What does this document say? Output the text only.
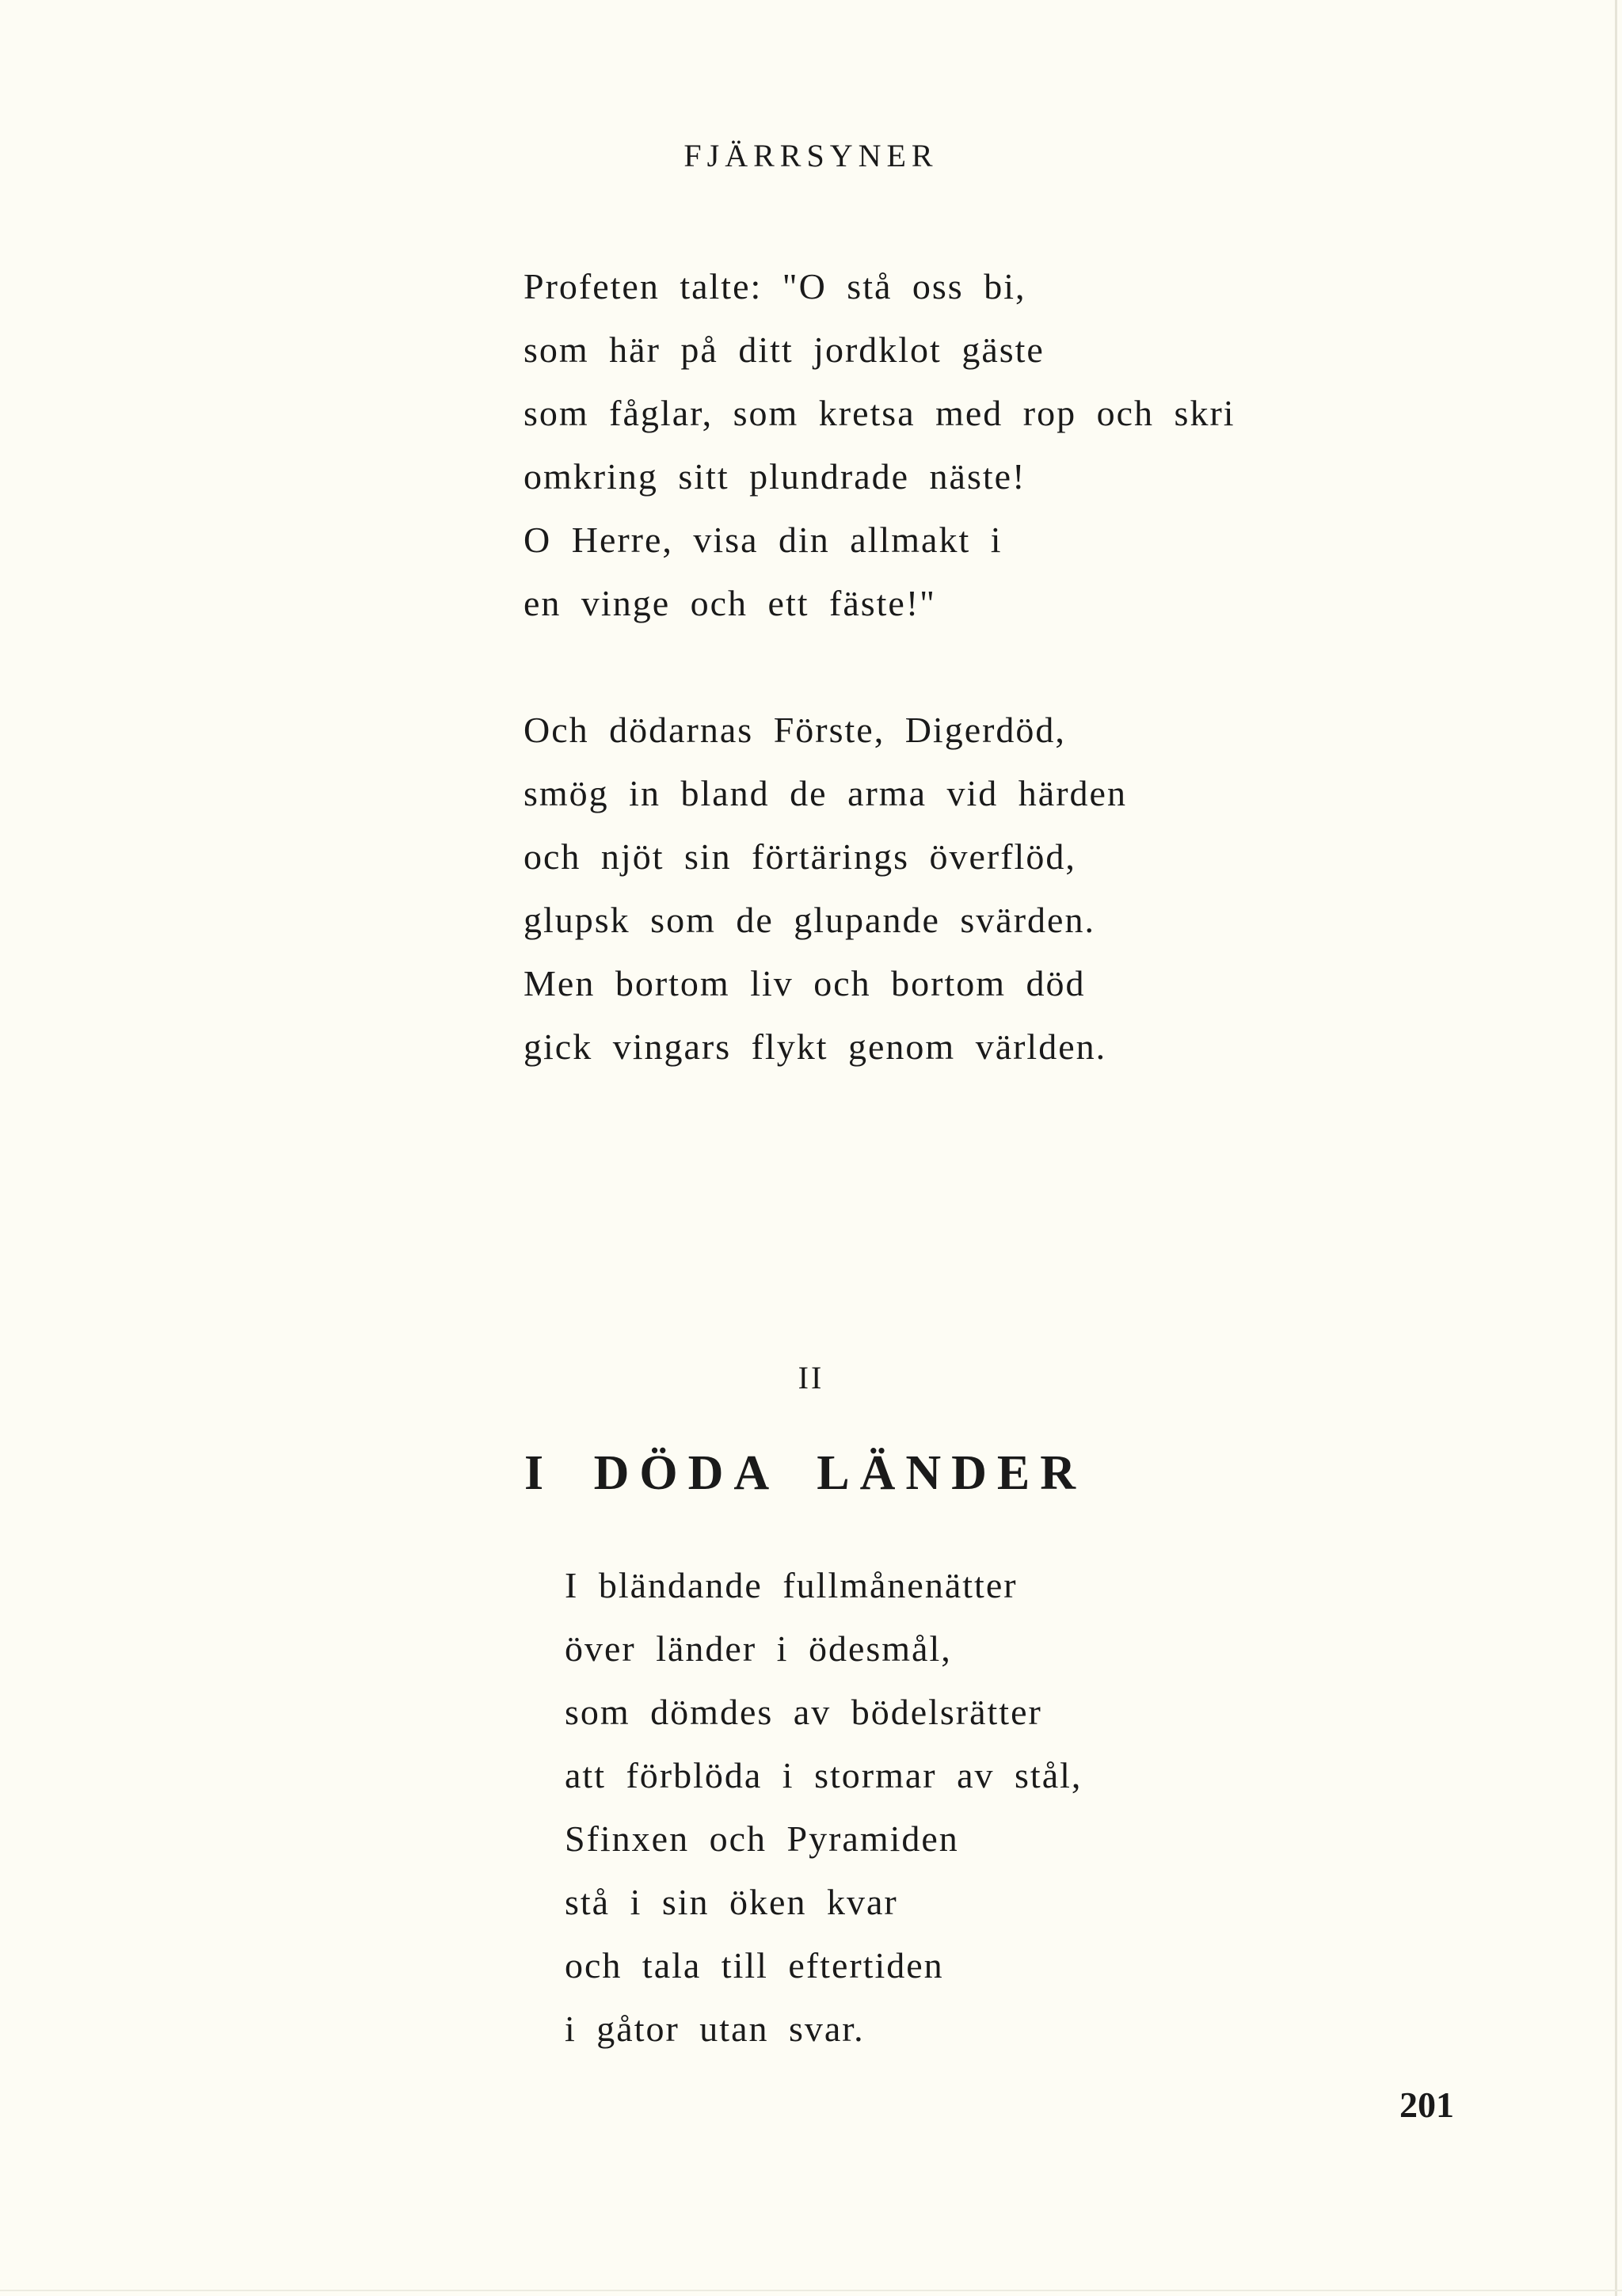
FJÄRRSYNER
Profeten talte: "O stå oss bi,
som här på ditt jordklot gäste
som fåglar, som kretsa med rop och skri
omkring sitt plundrade näste!
O Herre, visa din allmakt i
en vinge och ett fäste!"
Och dödarnas Förste, Digerdöd,
smög in bland de arma vid härden
och njöt sin förtärings överflöd,
glupsk som de glupande svärden.
Men bortom liv och bortom död
gick vingars flykt genom världen.
II
I DÖDA LÄNDER
I bländande fullmånenätter
över länder i ödesmål,
som dömdes av bödelsrätter
att förblöda i stormar av stål,
Sfinxen och Pyramiden
stå i sin öken kvar
och tala till eftertiden
i gåtor utan svar.
201
